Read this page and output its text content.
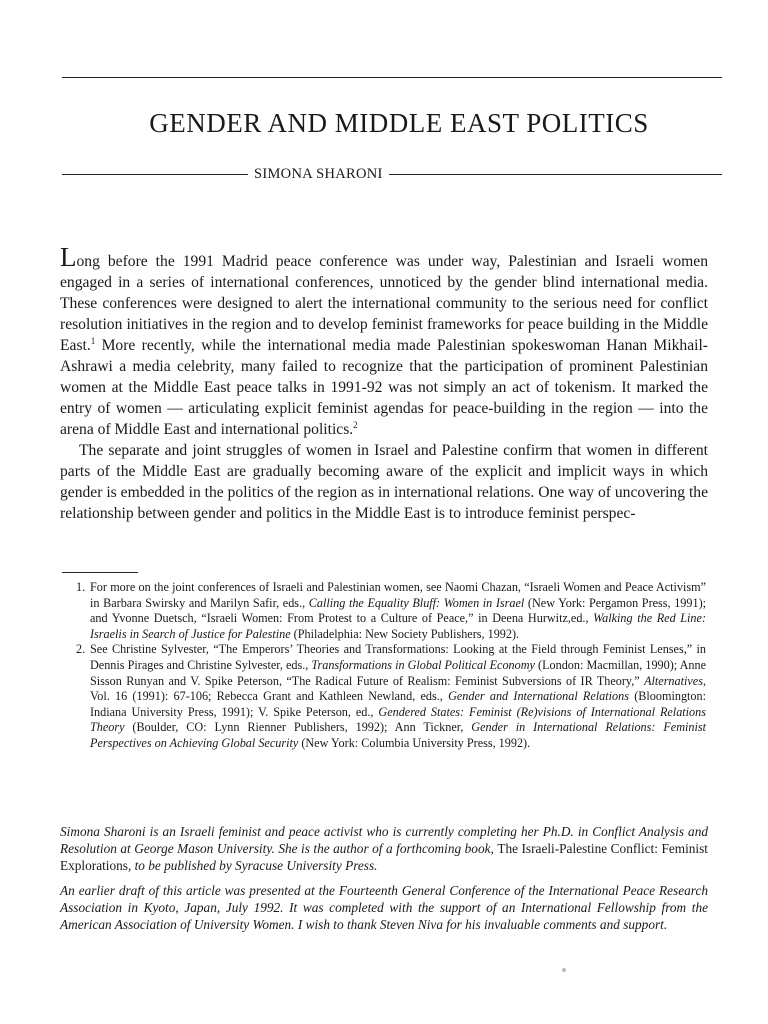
GENDER AND MIDDLE EAST POLITICS
SIMONA SHARONI

Long before the 1991 Madrid peace conference was under way, Palestinian and Israeli women engaged in a series of international conferences, unnoticed by the gender blind international media. These conferences were designed to alert the international community to the serious need for conflict resolution initiatives in the region and to develop feminist frameworks for peace building in the Middle East.$^1$ More recently, while the international media made Palestinian spokeswoman Hanan Mikhail-Ashrawi a media celebrity, many failed to recognize that the participation of prominent Palestinian women at the Middle East peace talks in 1991-92 was not simply an act of tokenism. It marked the entry of women — articulating explicit feminist agendas for peace-building in the region — into the arena of Middle East and international politics.$^2$

The separate and joint struggles of women in Israel and Palestine confirm that women in different parts of the Middle East are gradually becoming aware of the explicit and implicit ways in which gender is embedded in the politics of the region as in international relations. One way of uncovering the relationship between gender and politics in the Middle East is to introduce feminist perspec-

1. For more on the joint conferences of Israeli and Palestinian women, see Naomi Chazan, “Israeli Women and Peace Activism” in Barbara Swirsky and Marilyn Safir, eds., Calling the Equality Bluff: Women in Israel (New York: Pergamon Press, 1991); and Yvonne Duetsch, “Israeli Women: From Protest to a Culture of Peace,” in Deena Hurwitz,ed., Walking the Red Line: Israelis in Search of Justice for Palestine (Philadelphia: New Society Publishers, 1992).
2. See Christine Sylvester, “The Emperors’ Theories and Transformations: Looking at the Field through Feminist Lenses,” in Dennis Pirages and Christine Sylvester, eds., Transformations in Global Political Economy (London: Macmillan, 1990); Anne Sisson Runyan and V. Spike Peterson, “The Radical Future of Realism: Feminist Subversions of IR Theory,” Alternatives, Vol. 16 (1991): 67-106; Rebecca Grant and Kathleen Newland, eds., Gender and International Relations (Bloomington: Indiana University Press, 1991); V. Spike Peterson, ed., Gendered States: Feminist (Re)visions of International Relations Theory (Boulder, CO: Lynn Rienner Publishers, 1992); Ann Tickner, Gender in International Relations: Feminist Perspectives on Achieving Global Security (New York: Columbia University Press, 1992).

Simona Sharoni is an Israeli feminist and peace activist who is currently completing her Ph.D. in Conflict Analysis and Resolution at George Mason University. She is the author of a forthcoming book, The Israeli-Palestine Conflict: Feminist Explorations, to be published by Syracuse University Press.

An earlier draft of this article was presented at the Fourteenth General Conference of the International Peace Research Association in Kyoto, Japan, July 1992. It was completed with the support of an International Fellowship from the American Association of University Women. I wish to thank Steven Niva for his invaluable comments and support.
